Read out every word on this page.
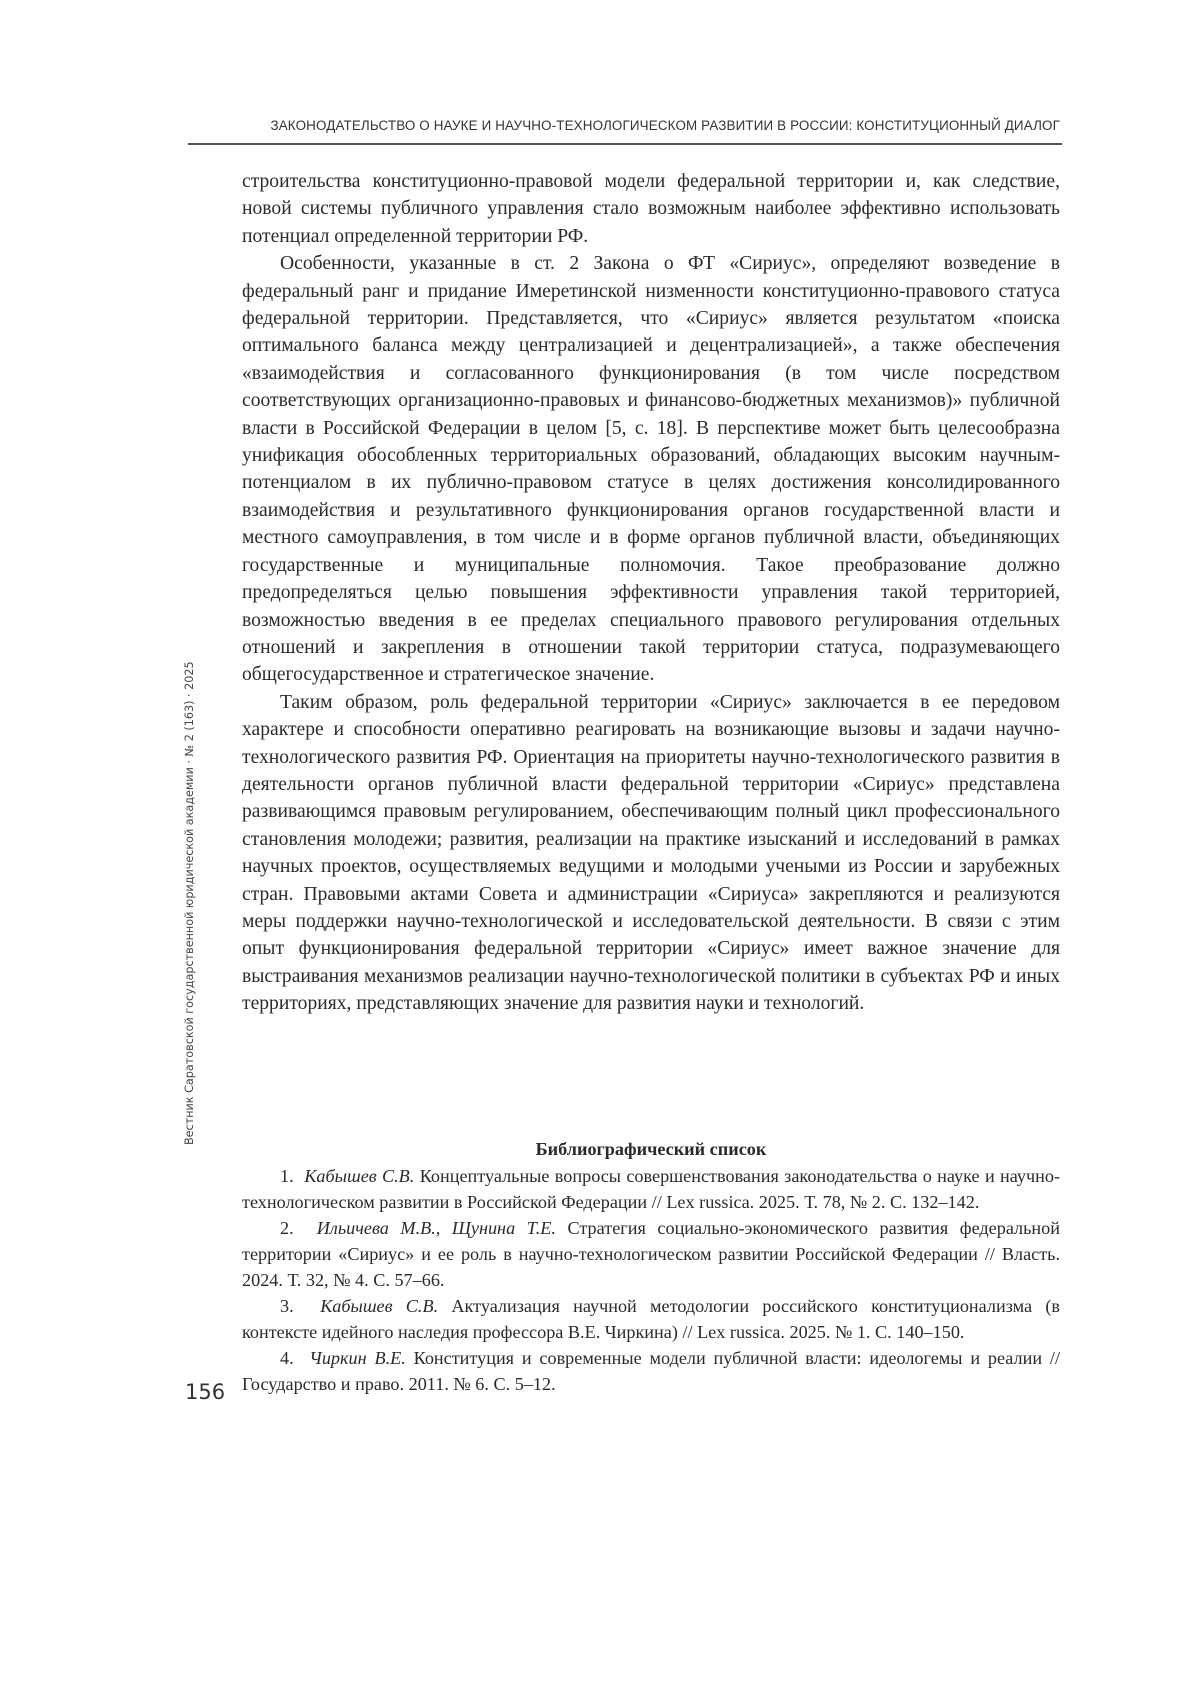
ЗАКОНОДАТЕЛЬСТВО О НАУКЕ И НАУЧНО-ТЕХНОЛОГИЧЕСКОМ РАЗВИТИИ В РОССИИ: КОНСТИТУЦИОННЫЙ ДИАЛОГ

строительства конституционно-правовой модели федеральной территории и, как следствие, новой системы публичного управления стало возможным наиболее эффективно использовать потенциал определенной территории РФ.

Особенности, указанные в ст. 2 Закона о ФТ «Сириус», определяют возведение в федеральный ранг и придание Имеретинской низменности конституционно-правового статуса федеральной территории. Представляется, что «Сириус» является результатом «поиска оптимального баланса между централизацией и децентрализацией», а также обеспечения «взаимодействия и согласованного функционирования (в том числе посредством соответствующих организационно-правовых и финансово-бюджетных механизмов)» публичной власти в Российской Федерации в целом [5, с. 18]. В перспективе может быть целесообразна унификация обособленных территориальных образований, обладающих высоким научным-потенциалом в их публично-правовом статусе в целях достижения консолидированного взаимодействия и результативного функционирования органов государственной власти и местного самоуправления, в том числе и в форме органов публичной власти, объединяющих государственные и муниципальные полномочия. Такое преобразование должно предопределяться целью повышения эффективности управления такой территорией, возможностью введения в ее пределах специального правового регулирования отдельных отношений и закрепления в отношении такой территории статуса, подразумевающего общегосударственное и стратегическое значение.

Таким образом, роль федеральной территории «Сириус» заключается в ее передовом характере и способности оперативно реагировать на возникающие вызовы и задачи научно-технологического развития РФ. Ориентация на приоритеты научно-технологического развития в деятельности органов публичной власти федеральной территории «Сириус» представлена развивающимся правовым регулированием, обеспечивающим полный цикл профессионального становления молодежи; развития, реализации на практике изысканий и исследований в рамках научных проектов, осуществляемых ведущими и молодыми учеными из России и зарубежных стран. Правовыми актами Совета и администрации «Сириуса» закрепляются и реализуются меры поддержки научно-технологической и исследовательской деятельности. В связи с этим опыт функционирования федеральной территории «Сириус» имеет важное значение для выстраивания механизмов реализации научно-технологической политики в субъектах РФ и иных территориях, представляющих значение для развития науки и технологий.

Библиографический список

1. Кабышев С.В. Концептуальные вопросы совершенствования законодательства о науке и научно-технологическом развитии в Российской Федерации // Lex russica. 2025. Т. 78, № 2. С. 132–142.

2. Ильичева М.В., Щунина Т.Е. Стратегия социально-экономического развития федеральной территории «Сириус» и ее роль в научно-технологическом развитии Российской Федерации // Власть. 2024. Т. 32, № 4. С. 57–66.

3. Кабышев С.В. Актуализация научной методологии российского конституционализма (в контексте идейного наследия профессора В.Е. Чиркина) // Lex russica. 2025. № 1. С. 140–150.

4. Чиркин В.Е. Конституция и современные модели публичной власти: идеологемы и реалии // Государство и право. 2011. № 6. С. 5–12.

Вестник Саратовской государственной юридической академии · № 2 (163) · 2025
156
